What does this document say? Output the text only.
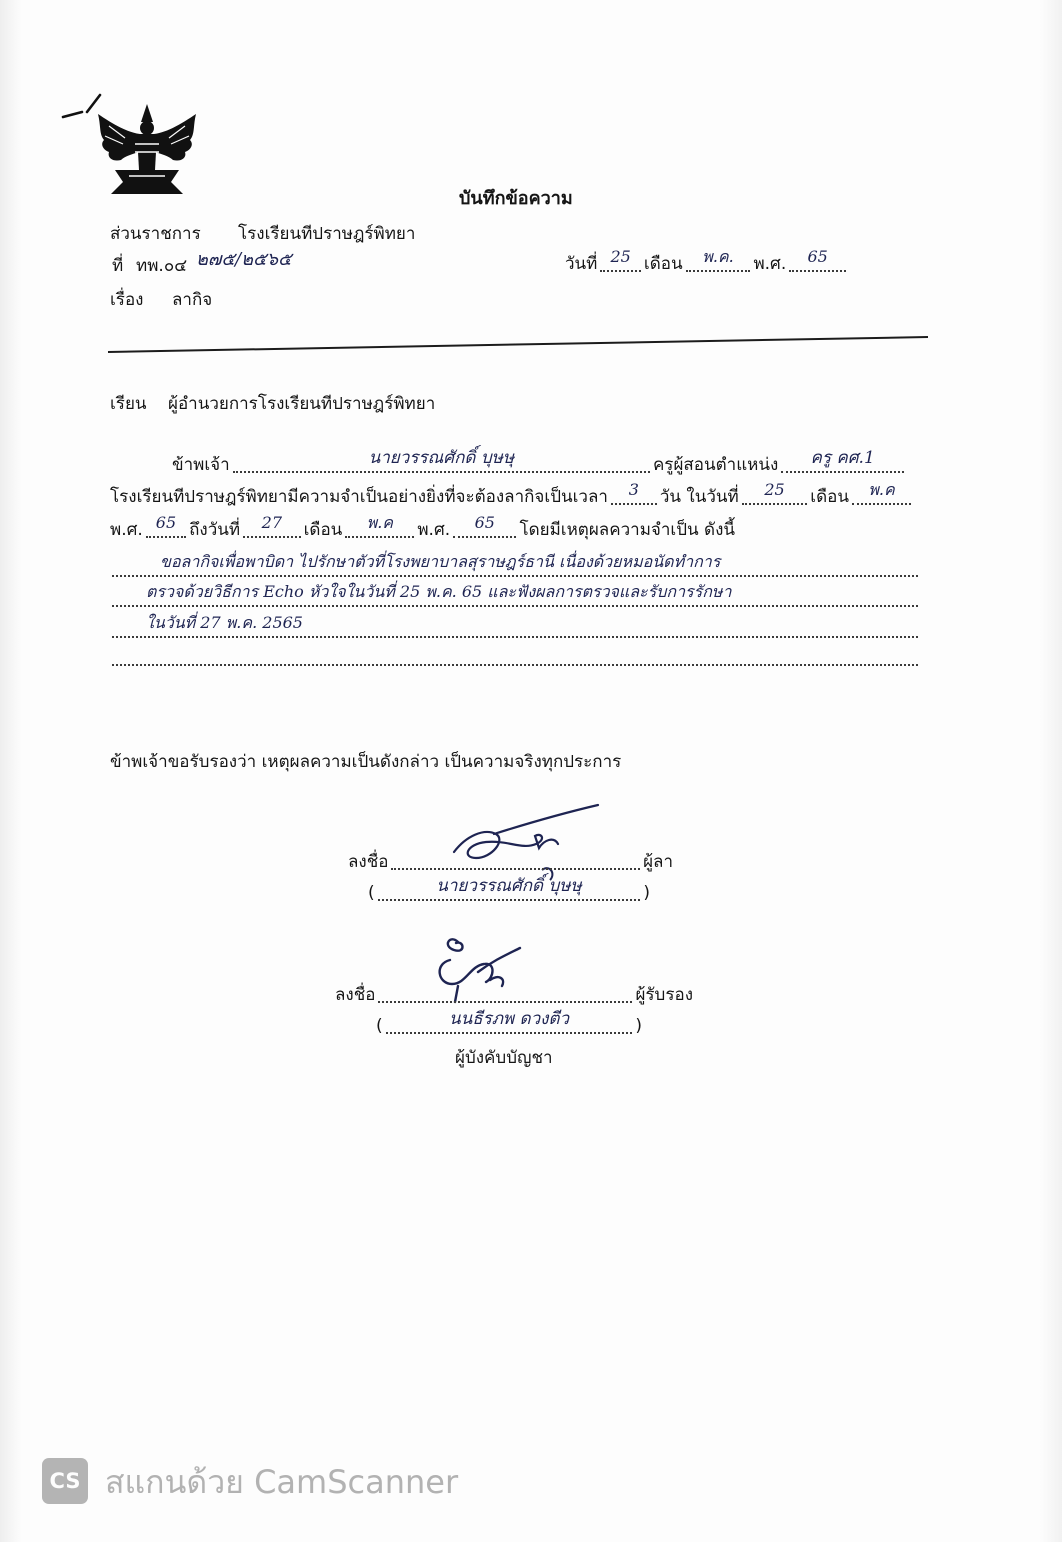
บันทึกข้อความ
ส่วนราชการ โรงเรียนทีปราษฎร์พิทยา
ที่ ทพ.๐๔ ๒๗๕/๒๕๖๕	วันที่ 25 เดือน พ.ค. พ.ศ. 65
เรื่อง ลากิจ
เรียน ผู้อำนวยการโรงเรียนทีปราษฎร์พิทยา
ข้าพเจ้า	นายวรรณศักดิ์ บุษษุ	ครูผู้สอนตำแหน่ง ครู คศ.1
โรงเรียนทีปราษฎร์พิทยามีความจำเป็นอย่างยิ่งที่จะต้องลากิจเป็นเวลา 3 วัน ในวันที่ 25 เดือน พ.ค
พ.ศ. 65 ถึงวันที่ 27 เดือน พ.ค พ.ศ. 65 โดยมีเหตุผลความจำเป็น ดังนี้
ขอลากิจเพื่อพาบิดา ไปรักษาตัวที่โรงพยาบาลสุราษฎร์ธานี เนื่องด้วยหมอนัดทำการ
ตรวจด้วยวิธีการ Echo หัวใจในวันที่ 25 พ.ค. 65 และฟังผลการตรวจและรับการรักษา
ในวันที่ 27 พ.ค. 2565
ข้าพเจ้าขอรับรองว่า เหตุผลความเป็นดังกล่าว เป็นความจริงทุกประการ
ลงชื่อ	ผู้ลา
(	นายวรรณศักดิ์ บุษษุ	)
ลงชื่อ	ผู้รับรอง
(	นนธีรภพ ดวงตีว	)
ผู้บังคับบัญชา
CS สแกนด้วย CamScanner
